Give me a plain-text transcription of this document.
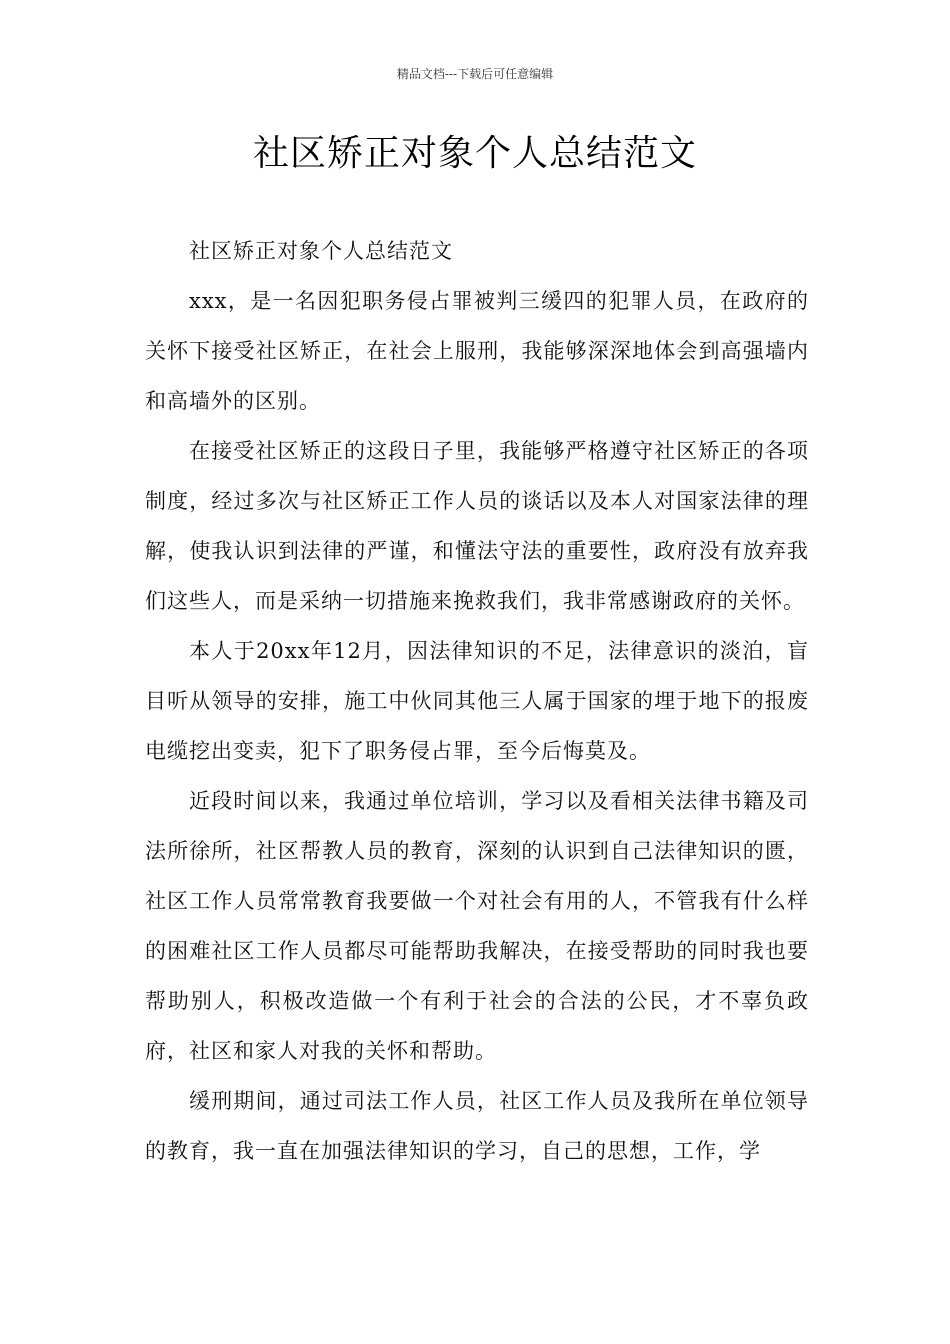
精品文档---下载后可任意编辑
社区矫正对象个人总结范文

社区矫正对象个人总结范文

xxx，是一名因犯职务侵占罪被判三缓四的犯罪人员，在政府的关怀下接受社区矫正，在社会上服刑，我能够深深地体会到高强墙内和高墙外的区别。

在接受社区矫正的这段日子里，我能够严格遵守社区矫正的各项制度，经过多次与社区矫正工作人员的谈话以及本人对国家法律的理解，使我认识到法律的严谨，和懂法守法的重要性，政府没有放弃我们这些人，而是采纳一切措施来挽救我们，我非常感谢政府的关怀。

本人于20xx年12月，因法律知识的不足，法律意识的淡泊，盲目听从领导的安排，施工中伙同其他三人属于国家的埋于地下的报废电缆挖出变卖，犯下了职务侵占罪，至今后悔莫及。

近段时间以来，我通过单位培训，学习以及看相关法律书籍及司法所徐所，社区帮教人员的教育，深刻的认识到自己法律知识的匮，社区工作人员常常教育我要做一个对社会有用的人，不管我有什么样的困难社区工作人员都尽可能帮助我解决，在接受帮助的同时我也要帮助别人，积极改造做一个有利于社会的合法的公民，才不辜负政府，社区和家人对我的关怀和帮助。

缓刑期间，通过司法工作人员，社区工作人员及我所在单位领导的教育，我一直在加强法律知识的学习，自己的思想，工作，学
